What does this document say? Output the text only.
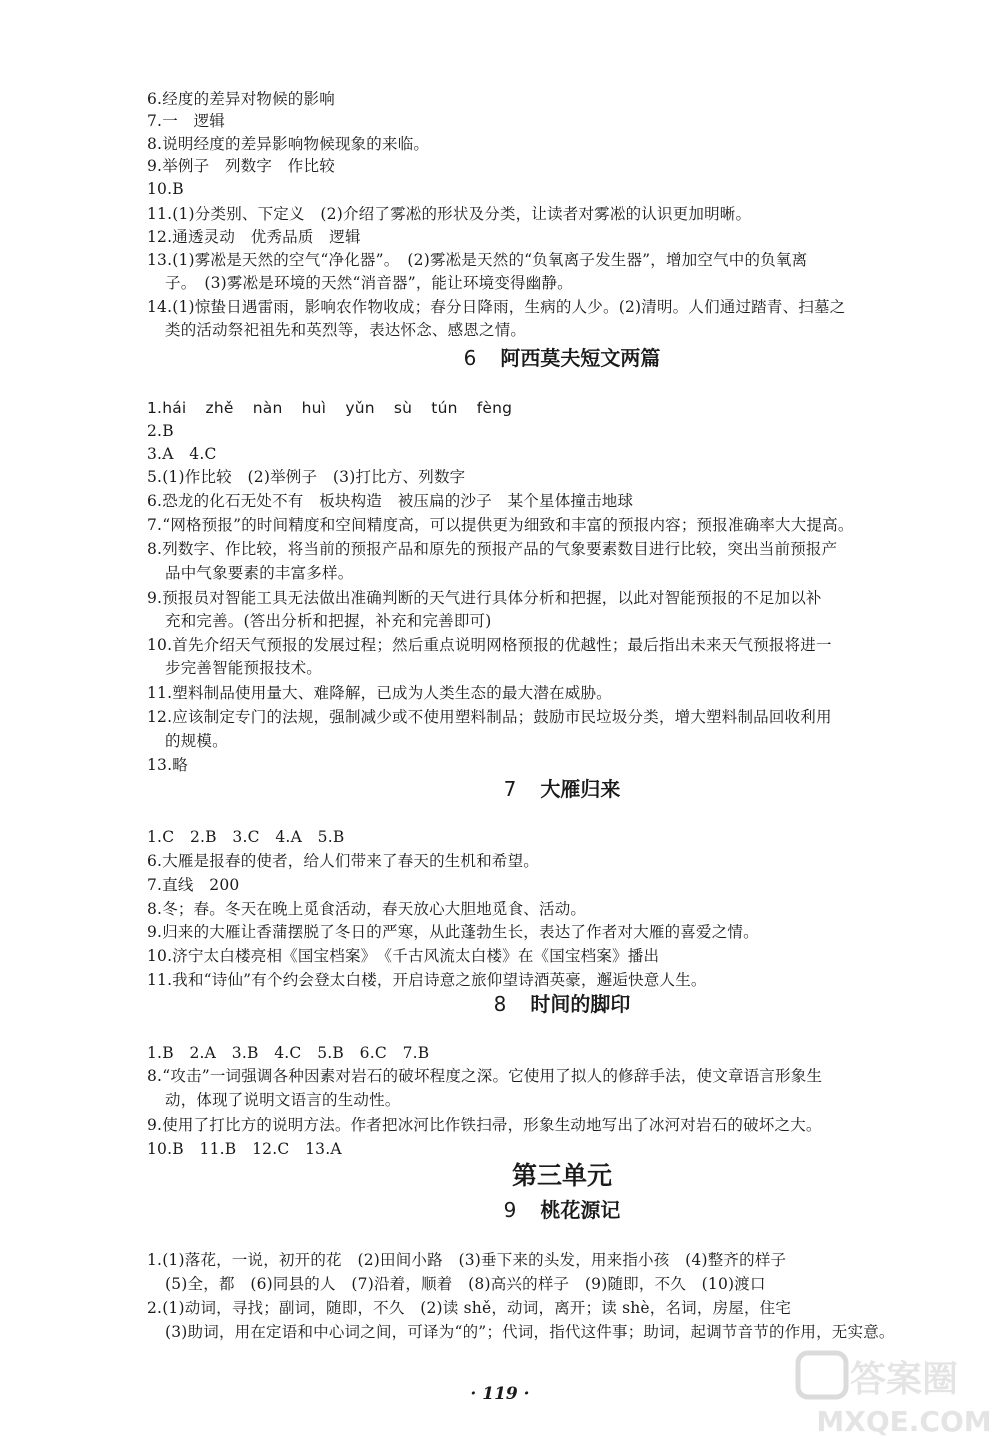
6.经度的差异对物候的影响
7.一　逻辑
8.说明经度的差异影响物候现象的来临。
9.举例子　列数字　作比较
10.B
11.(1)分类别、下定义　(2)介绍了雾凇的形状及分类，让读者对雾凇的认识更加明晰。
12.通透灵动　优秀品质　逻辑
13.(1)雾凇是天然的空气“净化器”。　(2)雾凇是天然的“负氧离子发生器”，增加空气中的负氧离
子。　(3)雾凇是环境的天然“消音器”，能让环境变得幽静。
14.(1)惊蛰日遇雷雨，影响农作物收成；春分日降雨，生病的人少。(2)清明。人们通过踏青、扫墓之
类的活动祭祀祖先和英烈等，表达怀念、感恩之情。
6 阿西莫夫短文两篇
1.hái zhě nàn huì yǔn sù tún fèng
2.B
3.A　4.C
5.(1)作比较　(2)举例子　(3)打比方、列数字
6.恐龙的化石无处不有　板块构造　被压扁的沙子　某个星体撞击地球
7.“网格预报”的时间精度和空间精度高，可以提供更为细致和丰富的预报内容；预报准确率大大提高。
8.列数字、作比较，将当前的预报产品和原先的预报产品的气象要素数目进行比较，突出当前预报产
品中气象要素的丰富多样。
9.预报员对智能工具无法做出准确判断的天气进行具体分析和把握，以此对智能预报的不足加以补
充和完善。(答出分析和把握，补充和完善即可)
10.首先介绍天气预报的发展过程；然后重点说明网格预报的优越性；最后指出未来天气预报将进一
步完善智能预报技术。
11.塑料制品使用量大、难降解，已成为人类生态的最大潜在威胁。
12.应该制定专门的法规，强制减少或不使用塑料制品；鼓励市民垃圾分类，增大塑料制品回收利用
的规模。
13.略
7 大雁归来
1.C　2.B　3.C　4.A　5.B
6.大雁是报春的使者，给人们带来了春天的生机和希望。
7.直线　200
8.冬；春。冬天在晚上觅食活动，春天放心大胆地觅食、活动。
9.归来的大雁让香蒲摆脱了冬日的严寒，从此蓬勃生长，表达了作者对大雁的喜爱之情。
10.济宁太白楼亮相《国宝档案》　《千古风流太白楼》在《国宝档案》播出
11.我和“诗仙”有个约会登太白楼，开启诗意之旅仰望诗酒英豪，邂逅快意人生。
8 时间的脚印
1.B　2.A　3.B　4.C　5.B　6.C　7.B
8.“攻击”一词强调各种因素对岩石的破坏程度之深。它使用了拟人的修辞手法，使文章语言形象生
动，体现了说明文语言的生动性。
9.使用了打比方的说明方法。作者把冰河比作铁扫帚，形象生动地写出了冰河对岩石的破坏之大。
10.B　11.B　12.C　13.A
第三单元
9 桃花源记
1.(1)落花，一说，初开的花　(2)田间小路　(3)垂下来的头发，用来指小孩　(4)整齐的样子
(5)全，都　(6)同县的人　(7)沿着，顺着　(8)高兴的样子　(9)随即，不久　(10)渡口
2.(1)动词，寻找；副词，随即，不久　(2)读 shě，动词，离开；读 shè，名词，房屋，住宅
(3)助词，用在定语和中心词之间，可译为“的”；代词，指代这件事；助词，起调节音节的作用，无实意。
· 119 ·	答案圈
MXQE.COM
